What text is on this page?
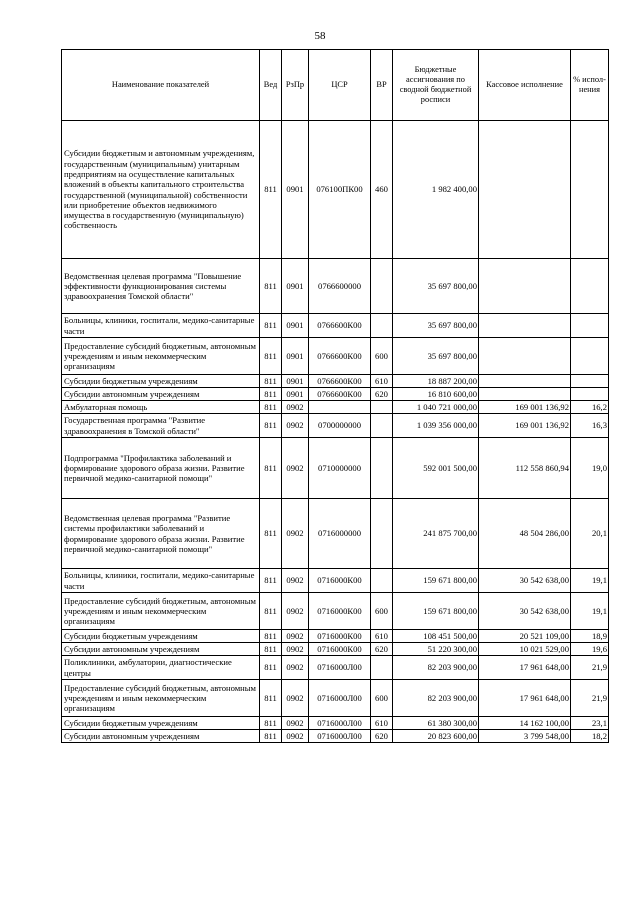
58
Наименование показателей	Вед	РзПр	ЦСР	ВР	Бюджетные ассигнования по сводной бюджетной росписи	Кассовое исполнение	% испол-нения
Субсидии бюджетным и автономным учреждениям, государственным (муниципальным) унитарным предприятиям на осуществление капитальных вложений в объекты капитального строительства государственной (муниципальной) собственности или приобретение объектов недвижимого имущества в государственную (муниципальную) собственность	811	0901	076100ПК00	460	1 982 400,00		
Ведомственная целевая программа "Повышение эффективности функционирования системы здравоохранения Томской области"	811	0901	0766600000		35 697 800,00		
Больницы, клиники, госпитали, медико-санитарные части	811	0901	0766600К00		35 697 800,00		
Предоставление субсидий бюджетным, автономным учреждениям и иным некоммерческим организациям	811	0901	0766600К00	600	35 697 800,00		
Субсидии бюджетным учреждениям	811	0901	0766600К00	610	18 887 200,00		
Субсидии автономным учреждениям	811	0901	0766600К00	620	16 810 600,00		
Амбулаторная помощь	811	0902			1 040 721 000,00	169 001 136,92	16,2
Государственная программа "Развитие здравоохранения в Томской области"	811	0902	0700000000		1 039 356 000,00	169 001 136,92	16,3
Подпрограмма "Профилактика заболеваний и формирование здорового образа жизни. Развитие первичной медико-санитарной помощи"	811	0902	0710000000		592 001 500,00	112 558 860,94	19,0
Ведомственная целевая программа "Развитие системы профилактики заболеваний и формирование здорового образа жизни. Развитие первичной медико-санитарной помощи"	811	0902	0716000000		241 875 700,00	48 504 286,00	20,1
Больницы, клиники, госпитали, медико-санитарные части	811	0902	0716000К00		159 671 800,00	30 542 638,00	19,1
Предоставление субсидий бюджетным, автономным учреждениям и иным некоммерческим организациям	811	0902	0716000К00	600	159 671 800,00	30 542 638,00	19,1
Субсидии бюджетным учреждениям	811	0902	0716000К00	610	108 451 500,00	20 521 109,00	18,9
Субсидии автономным учреждениям	811	0902	0716000К00	620	51 220 300,00	10 021 529,00	19,6
Поликлиники, амбулатории, диагностические центры	811	0902	0716000Л00		82 203 900,00	17 961 648,00	21,9
Предоставление субсидий бюджетным, автономным учреждениям и иным некоммерческим организациям	811	0902	0716000Л00	600	82 203 900,00	17 961 648,00	21,9
Субсидии бюджетным учреждениям	811	0902	0716000Л00	610	61 380 300,00	14 162 100,00	23,1
Субсидии автономным учреждениям	811	0902	0716000Л00	620	20 823 600,00	3 799 548,00	18,2
